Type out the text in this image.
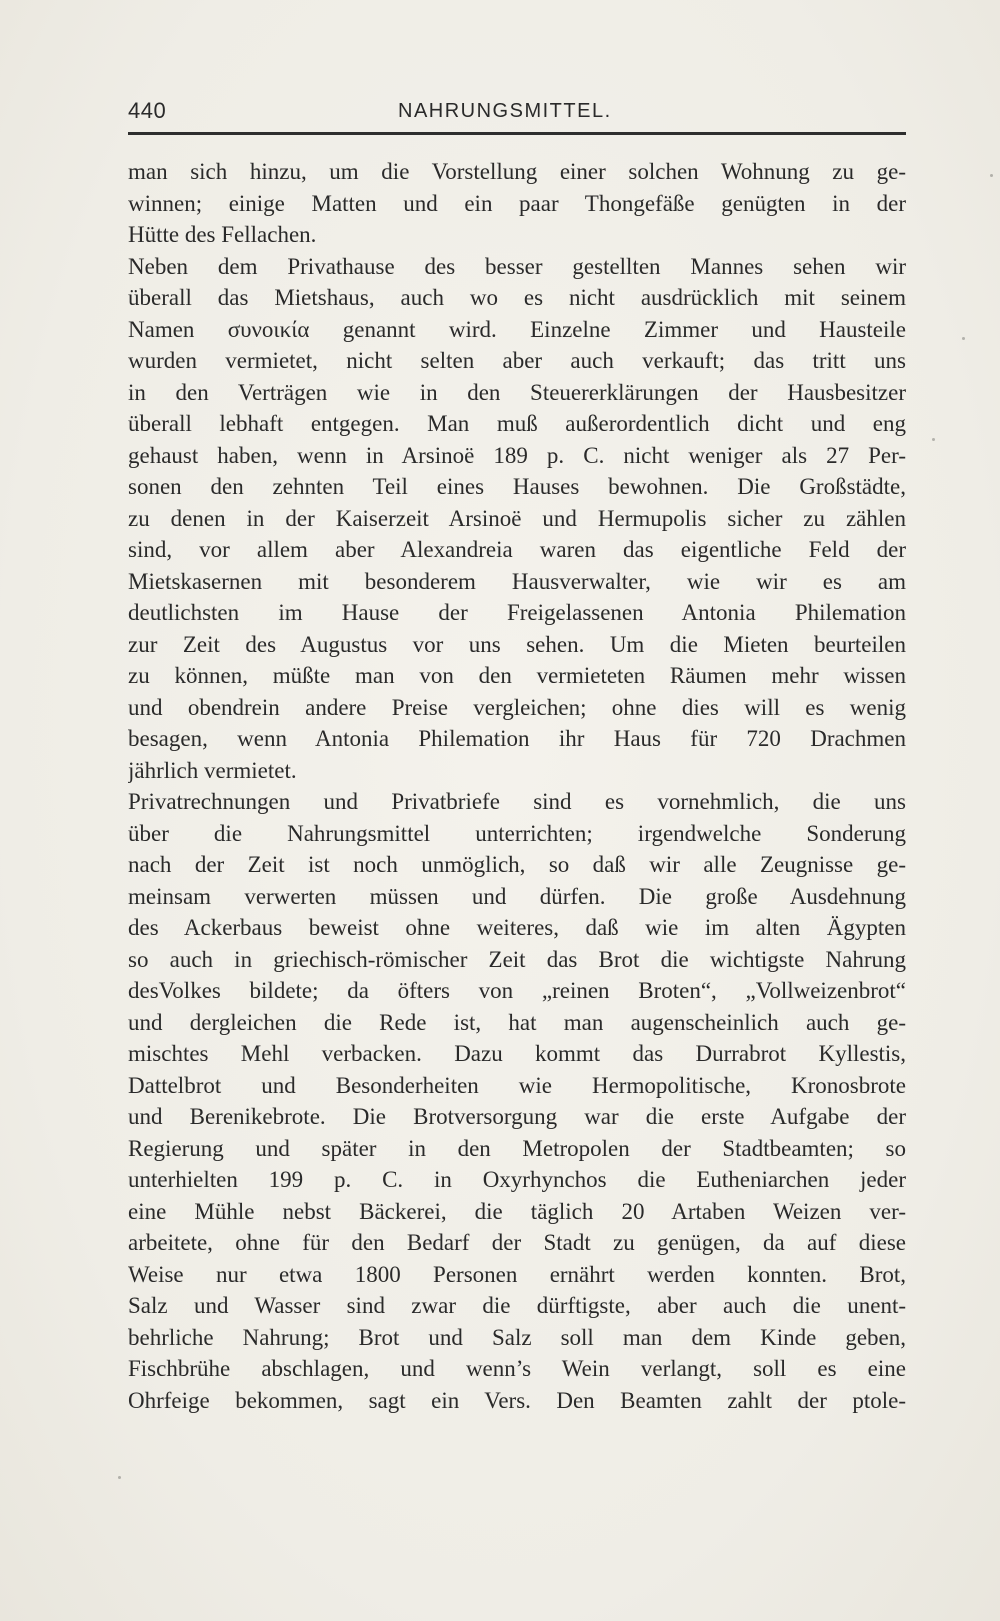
440	NAHRUNGSMITTEL.
man sich hinzu, um die Vorstellung einer solchen Wohnung zu ge-
winnen; einige Matten und ein paar Thongefäße genügten in der
Hütte des Fellachen.
Neben dem Privathause des besser gestellten Mannes sehen wir
überall das Mietshaus, auch wo es nicht ausdrücklich mit seinem
Namen συνοικία genannt wird. Einzelne Zimmer und Hausteile
wurden vermietet, nicht selten aber auch verkauft; das tritt uns
in den Verträgen wie in den Steuererklärungen der Hausbesitzer
überall lebhaft entgegen. Man muß außerordentlich dicht und eng
gehaust haben, wenn in Arsinoë 189 p. C. nicht weniger als 27 Per-
sonen den zehnten Teil eines Hauses bewohnen. Die Großstädte,
zu denen in der Kaiserzeit Arsinoë und Hermupolis sicher zu zählen
sind, vor allem aber Alexandreia waren das eigentliche Feld der
Mietskasernen mit besonderem Hausverwalter, wie wir es am
deutlichsten im Hause der Freigelassenen Antonia Philemation
zur Zeit des Augustus vor uns sehen. Um die Mieten beurteilen
zu können, müßte man von den vermieteten Räumen mehr wissen
und obendrein andere Preise vergleichen; ohne dies will es wenig
besagen, wenn Antonia Philemation ihr Haus für 720 Drachmen
jährlich vermietet.
Privatrechnungen und Privatbriefe sind es vornehmlich, die uns
über die Nahrungsmittel unterrichten; irgendwelche Sonderung
nach der Zeit ist noch unmöglich, so daß wir alle Zeugnisse ge-
meinsam verwerten müssen und dürfen. Die große Ausdehnung
des Ackerbaus beweist ohne weiteres, daß wie im alten Ägypten
so auch in griechisch-römischer Zeit das Brot die wichtigste Nahrung
desVolkes bildete; da öfters von „reinen Broten“, „Vollweizenbrot“
und dergleichen die Rede ist, hat man augenscheinlich auch ge-
mischtes Mehl verbacken. Dazu kommt das Durrabrot Kyllestis,
Dattelbrot und Besonderheiten wie Hermopolitische, Kronosbrote
und Berenikebrote. Die Brotversorgung war die erste Aufgabe der
Regierung und später in den Metropolen der Stadtbeamten; so
unterhielten 199 p. C. in Oxyrhynchos die Eutheniarchen jeder
eine Mühle nebst Bäckerei, die täglich 20 Artaben Weizen ver-
arbeitete, ohne für den Bedarf der Stadt zu genügen, da auf diese
Weise nur etwa 1800 Personen ernährt werden konnten. Brot,
Salz und Wasser sind zwar die dürftigste, aber auch die unent-
behrliche Nahrung; Brot und Salz soll man dem Kinde geben,
Fischbrühe abschlagen, und wenn’s Wein verlangt, soll es eine
Ohrfeige bekommen, sagt ein Vers. Den Beamten zahlt der ptole-
